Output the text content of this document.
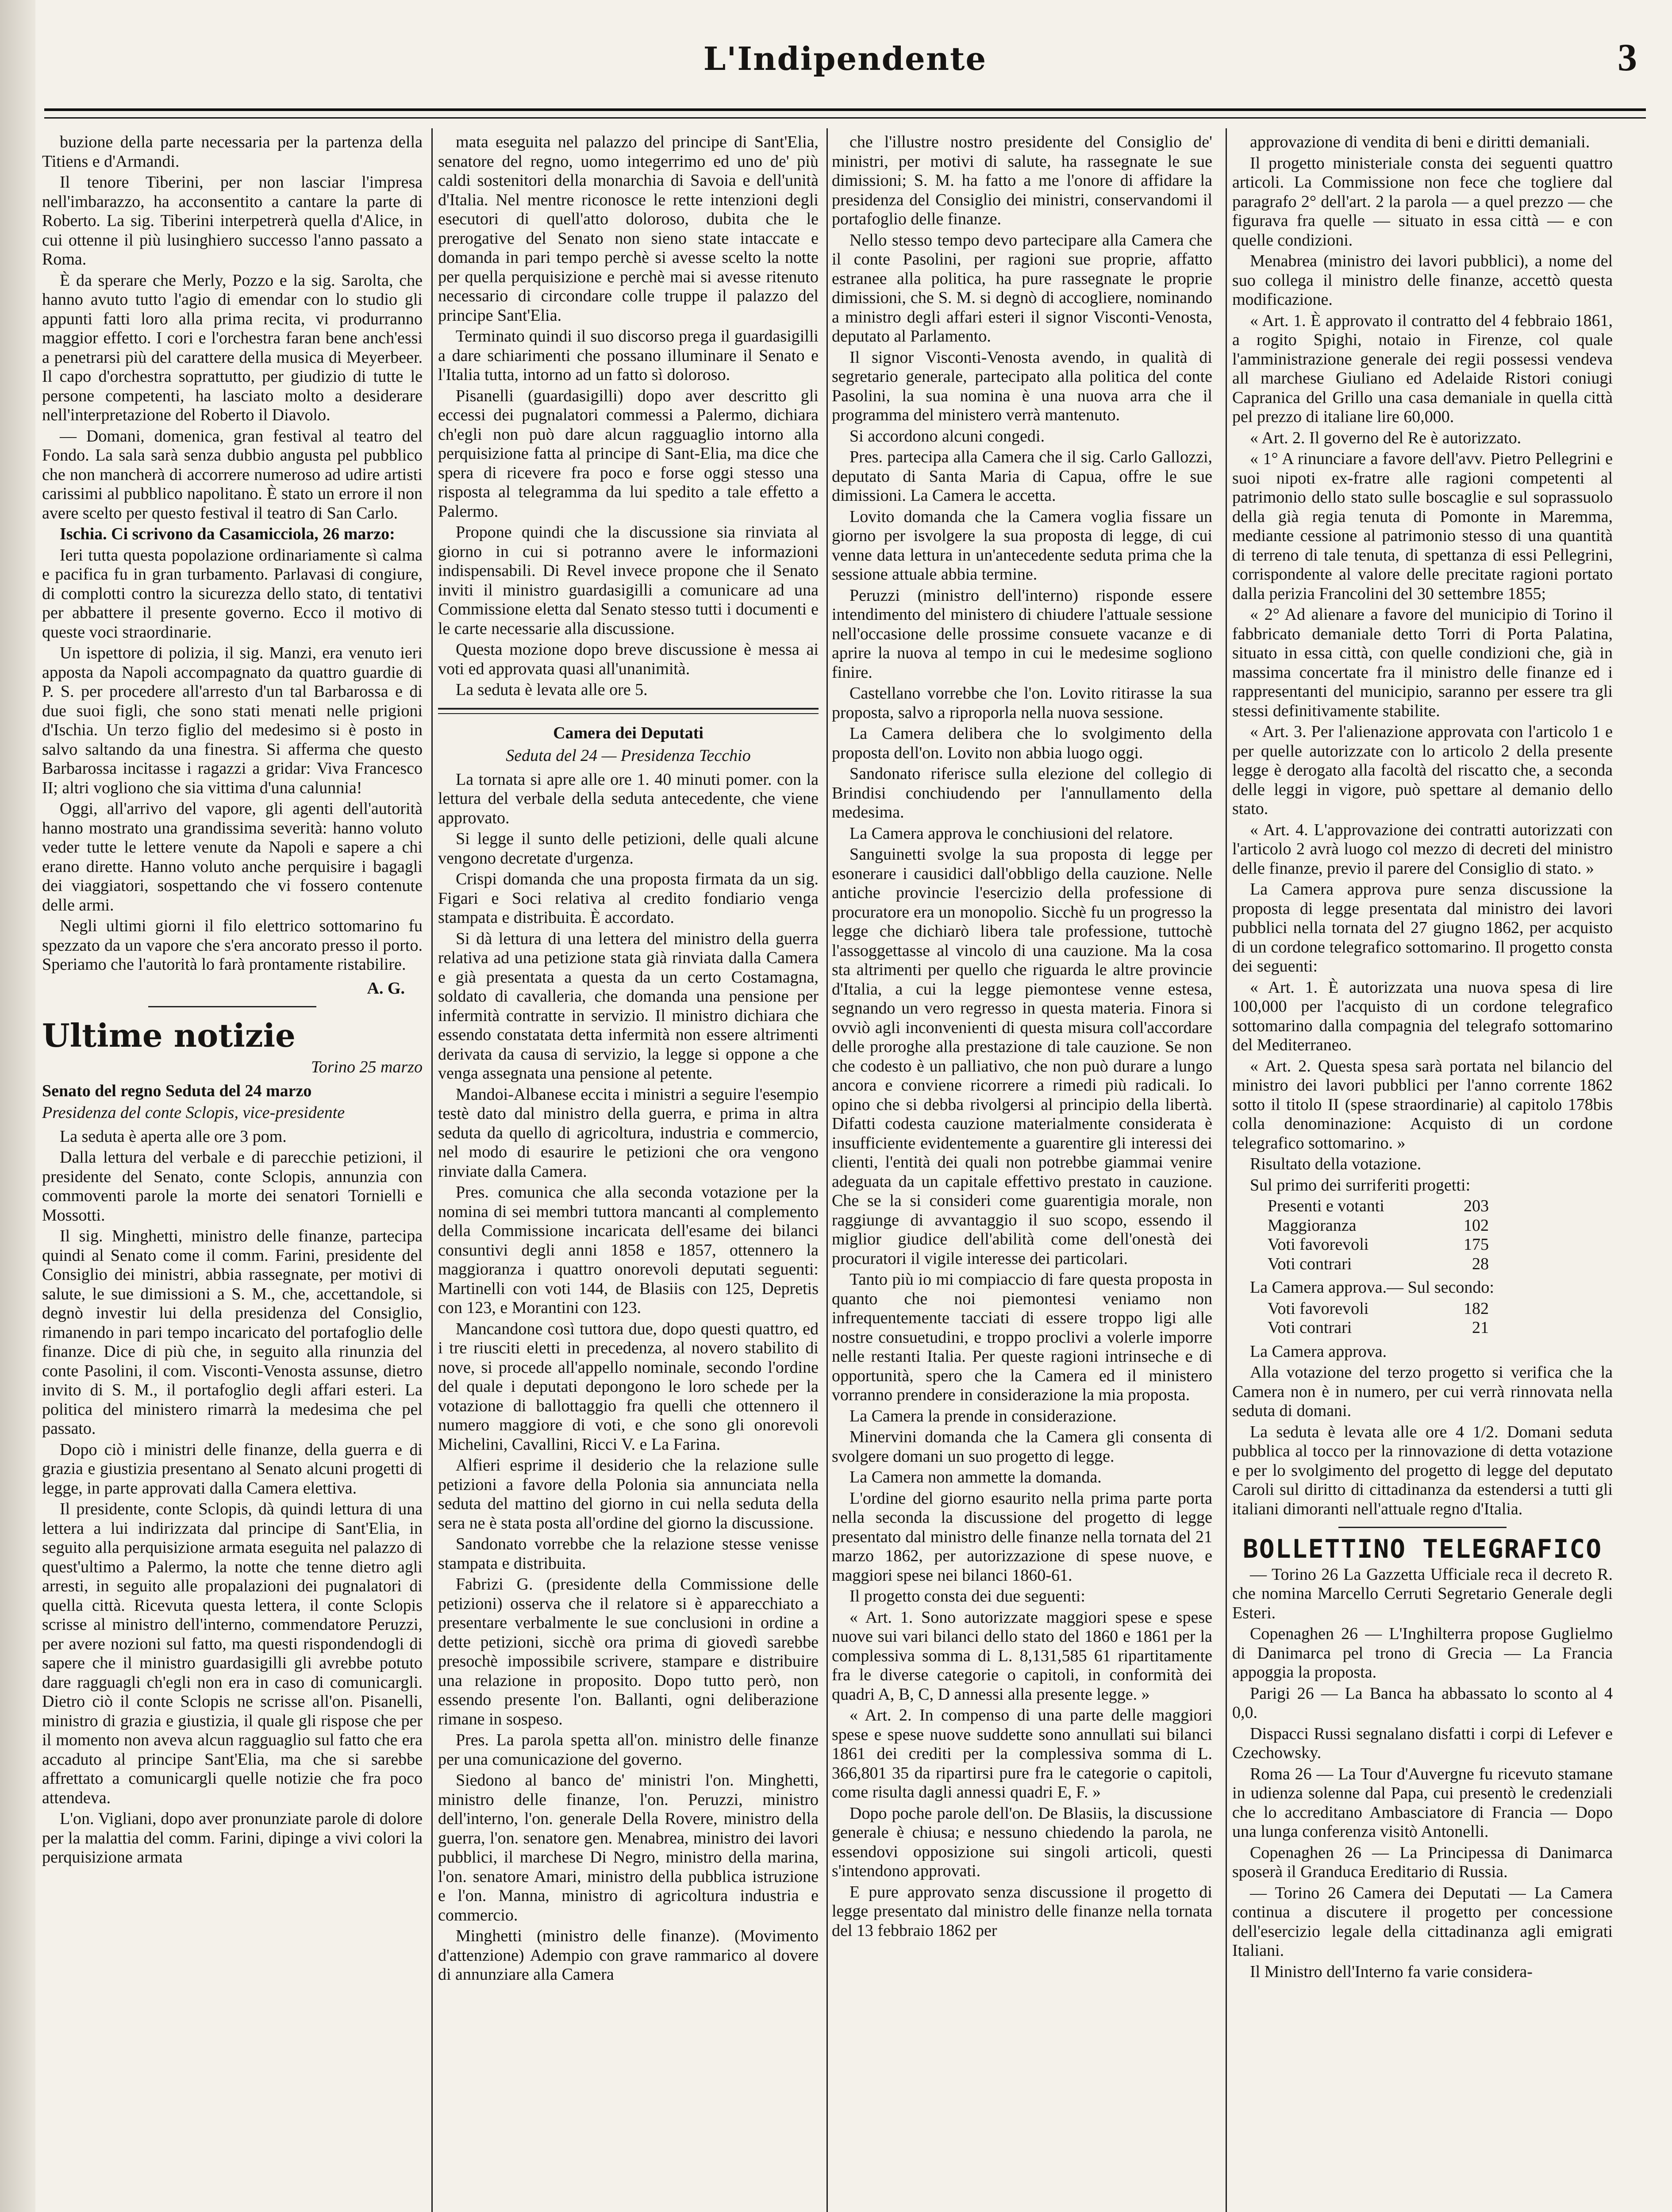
L'Indipendente	3

buzione della parte necessaria per la partenza della Titiens e d'Armandi.

Il tenore Tiberini, per non lasciar l'impresa nell'imbarazzo, ha acconsentito a cantare la parte di Roberto. La sig. Tiberini interpetrerà quella d'Alice, in cui ottenne il più lusinghiero successo l'anno passato a Roma.

È da sperare che Merly, Pozzo e la sig. Sarolta, che hanno avuto tutto l'agio di emendar con lo studio gli appunti fatti loro alla prima recita, vi produrranno maggior effetto. I cori e l'orchestra faran bene anch'essi a penetrarsi più del carattere della musica di Meyerbeer. Il capo d'orchestra soprattutto, per giudizio di tutte le persone competenti, ha lasciato molto a desiderare nell'interpretazione del Roberto il Diavolo.

— Domani, domenica, gran festival al teatro del Fondo. La sala sarà senza dubbio angusta pel pubblico che non mancherà di accorrere numeroso ad udire artisti carissimi al pubblico napolitano. È stato un errore il non avere scelto per questo festival il teatro di San Carlo.

Ischia. Ci scrivono da Casamicciola, 26 marzo:

Ieri tutta questa popolazione ordinariamente sì calma e pacifica fu in gran turbamento. Parlavasi di congiure, di complotti contro la sicurezza dello stato, di tentativi per abbattere il presente governo. Ecco il motivo di queste voci straordinarie.

Un ispettore di polizia, il sig. Manzi, era venuto ieri apposta da Napoli accompagnato da quattro guardie di P. S. per procedere all'arresto d'un tal Barbarossa e di due suoi figli, che sono stati menati nelle prigioni d'Ischia. Un terzo figlio del medesimo si è posto in salvo saltando da una finestra. Si afferma che questo Barbarossa incitasse i ragazzi a gridar: Viva Francesco II; altri vogliono che sia vittima d'una calunnia!

Oggi, all'arrivo del vapore, gli agenti dell'autorità hanno mostrato una grandissima severità: hanno voluto veder tutte le lettere venute da Napoli e sapere a chi erano dirette. Hanno voluto anche perquisire i bagagli dei viaggiatori, sospettando che vi fossero contenute delle armi.

Negli ultimi giorni il filo elettrico sottomarino fu spezzato da un vapore che s'era ancorato presso il porto. Speriamo che l'autorità lo farà prontamente ristabilire.

A. G.
Ultime notizie
Torino 25 marzo
Senato del regno Seduta del 24 marzo
Presidenza del conte Sclopis, vice-presidente

La seduta è aperta alle ore 3 pom.

Dalla lettura del verbale e di parecchie petizioni, il presidente del Senato, conte Sclopis, annunzia con commoventi parole la morte dei senatori Tornielli e Mossotti.

Il sig. Minghetti, ministro delle finanze, partecipa quindi al Senato come il comm. Farini, presidente del Consiglio dei ministri, abbia rassegnate, per motivi di salute, le sue dimissioni a S. M., che, accettandole, si degnò investir lui della presidenza del Consiglio, rimanendo in pari tempo incaricato del portafoglio delle finanze. Dice di più che, in seguito alla rinunzia del conte Pasolini, il com. Visconti-Venosta assunse, dietro invito di S. M., il portafoglio degli affari esteri. La politica del ministero rimarrà la medesima che pel passato.

Dopo ciò i ministri delle finanze, della guerra e di grazia e giustizia presentano al Senato alcuni progetti di legge, in parte approvati dalla Camera elettiva.

Il presidente, conte Sclopis, dà quindi lettura di una lettera a lui indirizzata dal principe di Sant'Elia, in seguito alla perquisizione armata eseguita nel palazzo di quest'ultimo a Palermo, la notte che tenne dietro agli arresti, in seguito alle propalazioni dei pugnalatori di quella città. Ricevuta questa lettera, il conte Sclopis scrisse al ministro dell'interno, commendatore Peruzzi, per avere nozioni sul fatto, ma questi rispondendogli di sapere che il ministro guardasigilli gli avrebbe potuto dare ragguagli ch'egli non era in caso di comunicargli. Dietro ciò il conte Sclopis ne scrisse all'on. Pisanelli, ministro di grazia e giustizia, il quale gli rispose che per il momento non aveva alcun ragguaglio sul fatto che era accaduto al principe Sant'Elia, ma che si sarebbe affrettato a comunicargli quelle notizie che fra poco attendeva.

L'on. Vigliani, dopo aver pronunziate parole di dolore per la malattia del comm. Farini, dipinge a vivi colori la perquisizione armata

mata eseguita nel palazzo del principe di Sant'Elia, senatore del regno, uomo integerrimo ed uno de' più caldi sostenitori della monarchia di Savoia e dell'unità d'Italia. Nel mentre riconosce le rette intenzioni degli esecutori di quell'atto doloroso, dubita che le prerogative del Senato non sieno state intaccate e domanda in pari tempo perchè si avesse scelto la notte per quella perquisizione e perchè mai si avesse ritenuto necessario di circondare colle truppe il palazzo del principe Sant'Elia.

Terminato quindi il suo discorso prega il guardasigilli a dare schiarimenti che possano illuminare il Senato e l'Italia tutta, intorno ad un fatto sì doloroso.

Pisanelli (guardasigilli) dopo aver descritto gli eccessi dei pugnalatori commessi a Palermo, dichiara ch'egli non può dare alcun ragguaglio intorno alla perquisizione fatta al principe di Sant-Elia, ma dice che spera di ricevere fra poco e forse oggi stesso una risposta al telegramma da lui spedito a tale effetto a Palermo.

Propone quindi che la discussione sia rinviata al giorno in cui si potranno avere le informazioni indispensabili. Di Revel invece propone che il Senato inviti il ministro guardasigilli a comunicare ad una Commissione eletta dal Senato stesso tutti i documenti e le carte necessarie alla discussione.

Questa mozione dopo breve discussione è messa ai voti ed approvata quasi all'unanimità.

La seduta è levata alle ore 5.

Camera dei Deputati
Seduta del 24 — Presidenza Tecchio

La tornata si apre alle ore 1. 40 minuti pomer. con la lettura del verbale della seduta antecedente, che viene approvato.

Si legge il sunto delle petizioni, delle quali alcune vengono decretate d'urgenza.

Crispi domanda che una proposta firmata da un sig. Figari e Soci relativa al credito fondiario venga stampata e distribuita. È accordato.

Si dà lettura di una lettera del ministro della guerra relativa ad una petizione stata già rinviata dalla Camera e già presentata a questa da un certo Costamagna, soldato di cavalleria, che domanda una pensione per infermità contratte in servizio. Il ministro dichiara che essendo constatata detta infermità non essere altrimenti derivata da causa di servizio, la legge si oppone a che venga assegnata una pensione al petente.

Mandoi-Albanese eccita i ministri a seguire l'esempio testè dato dal ministro della guerra, e prima in altra seduta da quello di agricoltura, industria e commercio, nel modo di esaurire le petizioni che ora vengono rinviate dalla Camera.

Pres. comunica che alla seconda votazione per la nomina di sei membri tuttora mancanti al complemento della Commissione incaricata dell'esame dei bilanci consuntivi degli anni 1858 e 1857, ottennero la maggioranza i quattro onorevoli deputati seguenti: Martinelli con voti 144, de Blasiis con 125, Depretis con 123, e Morantini con 123.

Mancandone così tuttora due, dopo questi quattro, ed i tre riusciti eletti in precedenza, al novero stabilito di nove, si procede all'appello nominale, secondo l'ordine del quale i deputati depongono le loro schede per la votazione di ballottaggio fra quelli che ottennero il numero maggiore di voti, e che sono gli onorevoli Michelini, Cavallini, Ricci V. e La Farina.

Alfieri esprime il desiderio che la relazione sulle petizioni a favore della Polonia sia annunciata nella seduta del mattino del giorno in cui nella seduta della sera ne è stata posta all'ordine del giorno la discussione.

Sandonato vorrebbe che la relazione stesse venisse stampata e distribuita.

Fabrizi G. (presidente della Commissione delle petizioni) osserva che il relatore si è apparecchiato a presentare verbalmente le sue conclusioni in ordine a dette petizioni, sicchè ora prima di giovedì sarebbe presochè impossibile scrivere, stampare e distribuire una relazione in proposito. Dopo tutto però, non essendo presente l'on. Ballanti, ogni deliberazione rimane in sospeso.

Pres. La parola spetta all'on. ministro delle finanze per una comunicazione del governo.

Siedono al banco de' ministri l'on. Minghetti, ministro delle finanze, l'on. Peruzzi, ministro dell'interno, l'on. generale Della Rovere, ministro della guerra, l'on. senatore gen. Menabrea, ministro dei lavori pubblici, il marchese Di Negro, ministro della marina, l'on. senatore Amari, ministro della pubblica istruzione e l'on. Manna, ministro di agricoltura industria e commercio.

Minghetti (ministro delle finanze). (Movimento d'attenzione) Adempio con grave rammarico al dovere di annunziare alla Camera

che l'illustre nostro presidente del Consiglio de' ministri, per motivi di salute, ha rassegnate le sue dimissioni; S. M. ha fatto a me l'onore di affidare la presidenza del Consiglio dei ministri, conservandomi il portafoglio delle finanze.

Nello stesso tempo devo partecipare alla Camera che il conte Pasolini, per ragioni sue proprie, affatto estranee alla politica, ha pure rassegnate le proprie dimissioni, che S. M. si degnò di accogliere, nominando a ministro degli affari esteri il signor Visconti-Venosta, deputato al Parlamento.

Il signor Visconti-Venosta avendo, in qualità di segretario generale, partecipato alla politica del conte Pasolini, la sua nomina è una nuova arra che il programma del ministero verrà mantenuto.

Si accordono alcuni congedi.

Pres. partecipa alla Camera che il sig. Carlo Gallozzi, deputato di Santa Maria di Capua, offre le sue dimissioni. La Camera le accetta.

Lovito domanda che la Camera voglia fissare un giorno per isvolgere la sua proposta di legge, di cui venne data lettura in un'antecedente seduta prima che la sessione attuale abbia termine.

Peruzzi (ministro dell'interno) risponde essere intendimento del ministero di chiudere l'attuale sessione nell'occasione delle prossime consuete vacanze e di aprire la nuova al tempo in cui le medesime sogliono finire.

Castellano vorrebbe che l'on. Lovito ritirasse la sua proposta, salvo a riproporla nella nuova sessione.

La Camera delibera che lo svolgimento della proposta dell'on. Lovito non abbia luogo oggi.

Sandonato riferisce sulla elezione del collegio di Brindisi conchiudendo per l'annullamento della medesima.

La Camera approva le conchiusioni del relatore.

Sanguinetti svolge la sua proposta di legge per esonerare i causidici dall'obbligo della cauzione. Nelle antiche provincie l'esercizio della professione di procuratore era un monopolio. Sicchè fu un progresso la legge che dichiarò libera tale professione, tuttochè l'assoggettasse al vincolo di una cauzione. Ma la cosa sta altrimenti per quello che riguarda le altre provincie d'Italia, a cui la legge piemontese venne estesa, segnando un vero regresso in questa materia. Finora si ovviò agli inconvenienti di questa misura coll'accordare delle proroghe alla prestazione di tale cauzione. Se non che codesto è un palliativo, che non può durare a lungo ancora e conviene ricorrere a rimedi più radicali. Io opino che si debba rivolgersi al principio della libertà. Difatti codesta cauzione materialmente considerata è insufficiente evidentemente a guarentire gli interessi dei clienti, l'entità dei quali non potrebbe giammai venire adeguata da un capitale effettivo prestato in cauzione. Che se la si consideri come guarentigia morale, non raggiunge di avvantaggio il suo scopo, essendo il miglior giudice dell'abilità come dell'onestà dei procuratori il vigile interesse dei particolari.

Tanto più io mi compiaccio di fare questa proposta in quanto che noi piemontesi veniamo non infrequentemente tacciati di essere troppo ligi alle nostre consuetudini, e troppo proclivi a volerle imporre nelle restanti Italia. Per queste ragioni intrinseche e di opportunità, spero che la Camera ed il ministero vorranno prendere in considerazione la mia proposta.

La Camera la prende in considerazione.

Minervini domanda che la Camera gli consenta di svolgere domani un suo progetto di legge.

La Camera non ammette la domanda.

L'ordine del giorno esaurito nella prima parte porta nella seconda la discussione del progetto di legge presentato dal ministro delle finanze nella tornata del 21 marzo 1862, per autorizzazione di spese nuove, e maggiori spese nei bilanci 1860-61.

Il progetto consta dei due seguenti:

« Art. 1. Sono autorizzate maggiori spese e spese nuove sui vari bilanci dello stato del 1860 e 1861 per la complessiva somma di L. 8,131,585 61 ripartitamente fra le diverse categorie o capitoli, in conformità dei quadri A, B, C, D annessi alla presente legge. »

« Art. 2. In compenso di una parte delle maggiori spese e spese nuove suddette sono annullati sui bilanci 1861 dei crediti per la complessiva somma di L. 366,801 35 da ripartirsi pure fra le categorie o capitoli, come risulta dagli annessi quadri E, F. »

Dopo poche parole dell'on. De Blasiis, la discussione generale è chiusa; e nessuno chiedendo la parola, ne essendovi opposizione sui singoli articoli, questi s'intendono approvati.

E pure approvato senza discussione il progetto di legge presentato dal ministro delle finanze nella tornata del 13 febbraio 1862 per

approvazione di vendita di beni e diritti demaniali.

Il progetto ministeriale consta dei seguenti quattro articoli. La Commissione non fece che togliere dal paragrafo 2° dell'art. 2 la parola — a quel prezzo — che figurava fra quelle — situato in essa città — e con quelle condizioni.

Menabrea (ministro dei lavori pubblici), a nome del suo collega il ministro delle finanze, accettò questa modificazione.

« Art. 1. È approvato il contratto del 4 febbraio 1861, a rogito Spighi, notaio in Firenze, col quale l'amministrazione generale dei regii possessi vendeva all marchese Giuliano ed Adelaide Ristori coniugi Capranica del Grillo una casa demaniale in quella città pel prezzo di italiane lire 60,000.

« Art. 2. Il governo del Re è autorizzato.

« 1° A rinunciare a favore dell'avv. Pietro Pellegrini e suoi nipoti ex-fratre alle ragioni competenti al patrimonio dello stato sulle boscaglie e sul soprassuolo della già regia tenuta di Pomonte in Maremma, mediante cessione al patrimonio stesso di una quantità di terreno di tale tenuta, di spettanza di essi Pellegrini, corrispondente al valore delle precitate ragioni portato dalla perizia Francolini del 30 settembre 1855;

« 2° Ad alienare a favore del municipio di Torino il fabbricato demaniale detto Torri di Porta Palatina, situato in essa città, con quelle condizioni che, già in massima concertate fra il ministro delle finanze ed i rappresentanti del municipio, saranno per essere tra gli stessi definitivamente stabilite.

« Art. 3. Per l'alienazione approvata con l'articolo 1 e per quelle autorizzate con lo articolo 2 della presente legge è derogato alla facoltà del riscatto che, a seconda delle leggi in vigore, può spettare al demanio dello stato.

« Art. 4. L'approvazione dei contratti autorizzati con l'articolo 2 avrà luogo col mezzo di decreti del ministro delle finanze, previo il parere del Consiglio di stato. »

La Camera approva pure senza discussione la proposta di legge presentata dal ministro dei lavori pubblici nella tornata del 27 giugno 1862, per acquisto di un cordone telegrafico sottomarino. Il progetto consta dei seguenti:

« Art. 1. È autorizzata una nuova spesa di lire 100,000 per l'acquisto di un cordone telegrafico sottomarino dalla compagnia del telegrafo sottomarino del Mediterraneo.

« Art. 2. Questa spesa sarà portata nel bilancio del ministro dei lavori pubblici per l'anno corrente 1862 sotto il titolo II (spese straordinarie) al capitolo 178bis colla denominazione: Acquisto di un cordone telegrafico sottomarino. »

Risultato della votazione.

Sul primo dei surriferiti progetti:

Presenti e votanti	203
Maggioranza	102
Voti favorevoli	175
Voti contrari	28

La Camera approva.— Sul secondo:

Voti favorevoli	182
Voti contrari	21

La Camera approva.

Alla votazione del terzo progetto si verifica che la Camera non è in numero, per cui verrà rinnovata nella seduta di domani.

La seduta è levata alle ore 4 1/2. Domani seduta pubblica al tocco per la rinnovazione di detta votazione e per lo svolgimento del progetto di legge del deputato Caroli sul diritto di cittadinanza da estendersi a tutti gli italiani dimoranti nell'attuale regno d'Italia.

BOLLETTINO TELEGRAFICO

— Torino 26 La Gazzetta Ufficiale reca il decreto R. che nomina Marcello Cerruti Segretario Generale degli Esteri.

Copenaghen 26 — L'Inghilterra propose Guglielmo di Danimarca pel trono di Grecia — La Francia appoggia la proposta.

Parigi 26 — La Banca ha abbassato lo sconto al 4 0,0.

Dispacci Russi segnalano disfatti i corpi di Lefever e Czechowsky.

Roma 26 — La Tour d'Auvergne fu ricevuto stamane in udienza solenne dal Papa, cui presentò le credenziali che lo accreditano Ambasciatore di Francia — Dopo una lunga conferenza visitò Antonelli.

Copenaghen 26 — La Principessa di Danimarca sposerà il Granduca Ereditario di Russia.

— Torino 26 Camera dei Deputati — La Camera continua a discutere il progetto per concessione dell'esercizio legale della cittadinanza agli emigrati Italiani.

Il Ministro dell'Interno fa varie considera-
